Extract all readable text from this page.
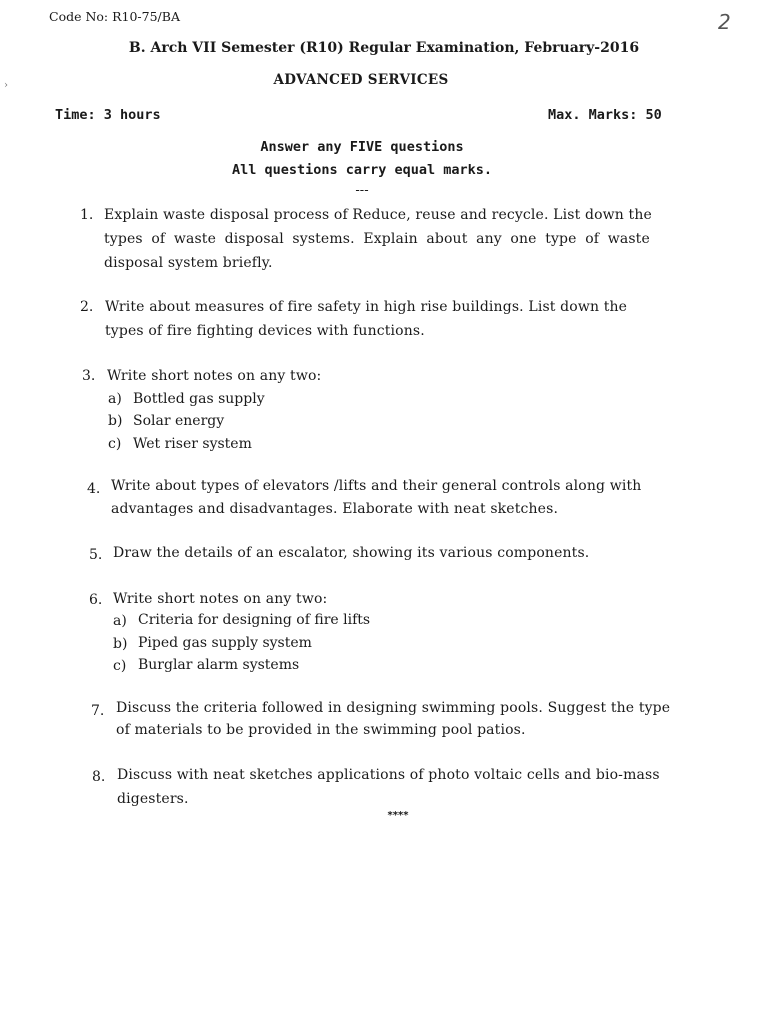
Code No: R10-75/BA	2
›
B. Arch VII Semester (R10) Regular Examination, February-2016
ADVANCED SERVICES
Time: 3 hours	Max. Marks: 50
Answer any FIVE questions
All questions carry equal marks.
---
1. Explain waste disposal process of Reduce, reuse and recycle. List down the
types of waste disposal systems. Explain about any one type of waste
disposal system briefly.
2. Write about measures of fire safety in high rise buildings. List down the
types of fire fighting devices with functions.
3. Write short notes on any two:
a) Bottled gas supply
b) Solar energy
c) Wet riser system
4. Write about types of elevators /lifts and their general controls along with
advantages and disadvantages. Elaborate with neat sketches.
5. Draw the details of an escalator, showing its various components.
6. Write short notes on any two:
a) Criteria for designing of fire lifts
b) Piped gas supply system
c) Burglar alarm systems
7. Discuss the criteria followed in designing swimming pools. Suggest the type
of materials to be provided in the swimming pool patios.
8. Discuss with neat sketches applications of photo voltaic cells and bio-mass
digesters.
****
